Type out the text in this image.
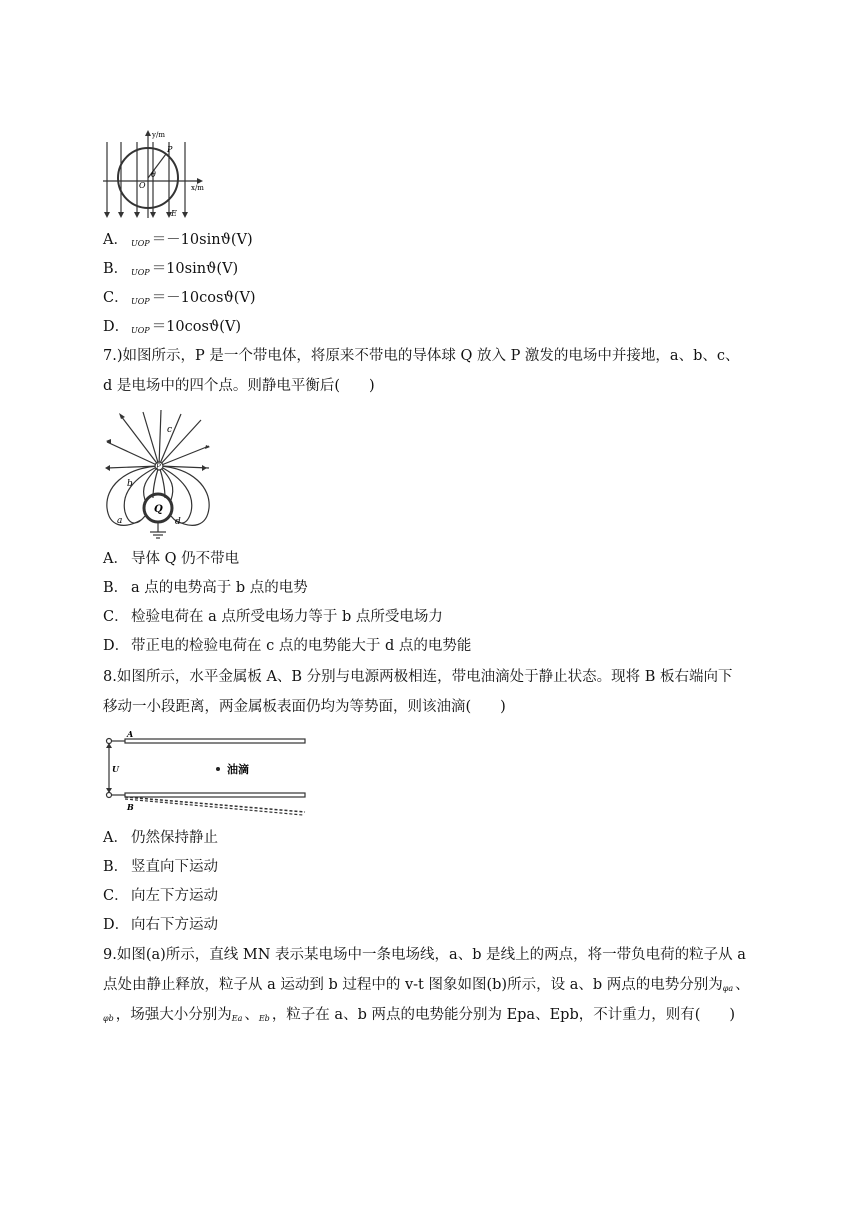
y/m
x/m
P
O
θ
E
A． $_{UOP}$ ＝－10sinϑ(V)
B． $_{UOP}$ ＝10sinϑ(V)
C． $_{UOP}$ ＝－10cosϑ(V)
D． $_{UOP}$ ＝10cosϑ(V)
7.)如图所示，P 是一个带电体，将原来不带电的导体球 Q 放入 P 激发的电场中并接地，a、b、c、
d 是电场中的四个点。则静电平衡后(　　)
P
Q
a
b
c
d
A． 导体 Q 仍不带电
B． a 点的电势高于 b 点的电势
C． 检验电荷在 a 点所受电场力等于 b 点所受电场力
D． 带正电的检验电荷在 c 点的电势能大于 d 点的电势能
8.如图所示，水平金属板 A、B 分别与电源两极相连，带电油滴处于静止状态。现将 B 板右端向下
移动一小段距离，两金属板表面仍均为等势面，则该油滴(　　)
A
B
U	油滴
A． 仍然保持静止
B． 竖直向下运动
C． 向左下方运动
D． 向右下方运动
9.如图(a)所示，直线 MN 表示某电场中一条电场线，a、b 是线上的两点，将一带负电荷的粒子从 a
点处由静止释放，粒子从 a 运动到 b 过程中的 v-t 图象如图(b)所示，设 a、b 两点的电势分别为$_{\varphi a}$ 、
$_{\varphi b}$ ，场强大小分别为$_{Ea}$ 、$_{Eb}$ ，粒子在 a、b 两点的电势能分别为 Epa、Epb，不计重力，则有(　　)
